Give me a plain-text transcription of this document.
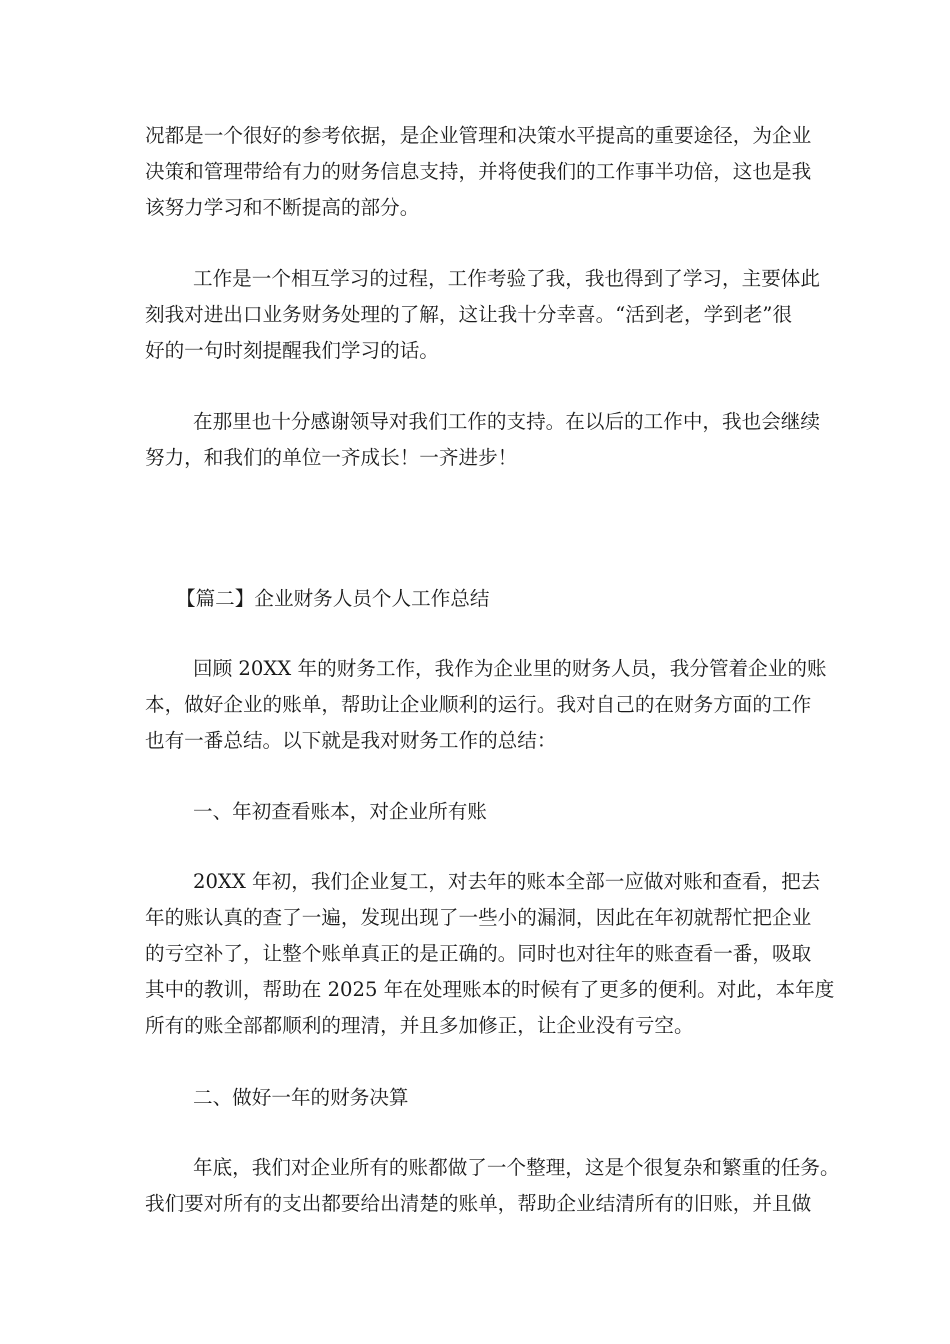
况都是一个很好的参考依据，是企业管理和决策水平提高的重要途径，为企业
决策和管理带给有力的财务信息支持，并将使我们的工作事半功倍，这也是我
该努力学习和不断提高的部分。
工作是一个相互学习的过程，工作考验了我，我也得到了学习，主要体此
刻我对进出口业务财务处理的了解，这让我十分幸喜。“活到老，学到老”很
好的一句时刻提醒我们学习的话。
在那里也十分感谢领导对我们工作的支持。在以后的工作中，我也会继续
努力，和我们的单位一齐成长！一齐进步！
【篇二】企业财务人员个人工作总结
回顾 20XX 年的财务工作，我作为企业里的财务人员，我分管着企业的账
本，做好企业的账单，帮助让企业顺利的运行。我对自己的在财务方面的工作
也有一番总结。以下就是我对财务工作的总结：
一、年初查看账本，对企业所有账
20XX 年初，我们企业复工，对去年的账本全部一应做对账和查看，把去
年的账认真的查了一遍，发现出现了一些小的漏洞，因此在年初就帮忙把企业
的亏空补了，让整个账单真正的是正确的。同时也对往年的账查看一番，吸取
其中的教训，帮助在 2025 年在处理账本的时候有了更多的便利。对此，本年度
所有的账全部都顺利的理清，并且多加修正，让企业没有亏空。
二、做好一年的财务决算
年底，我们对企业所有的账都做了一个整理，这是个很复杂和繁重的任务。
我们要对所有的支出都要给出清楚的账单，帮助企业结清所有的旧账，并且做
